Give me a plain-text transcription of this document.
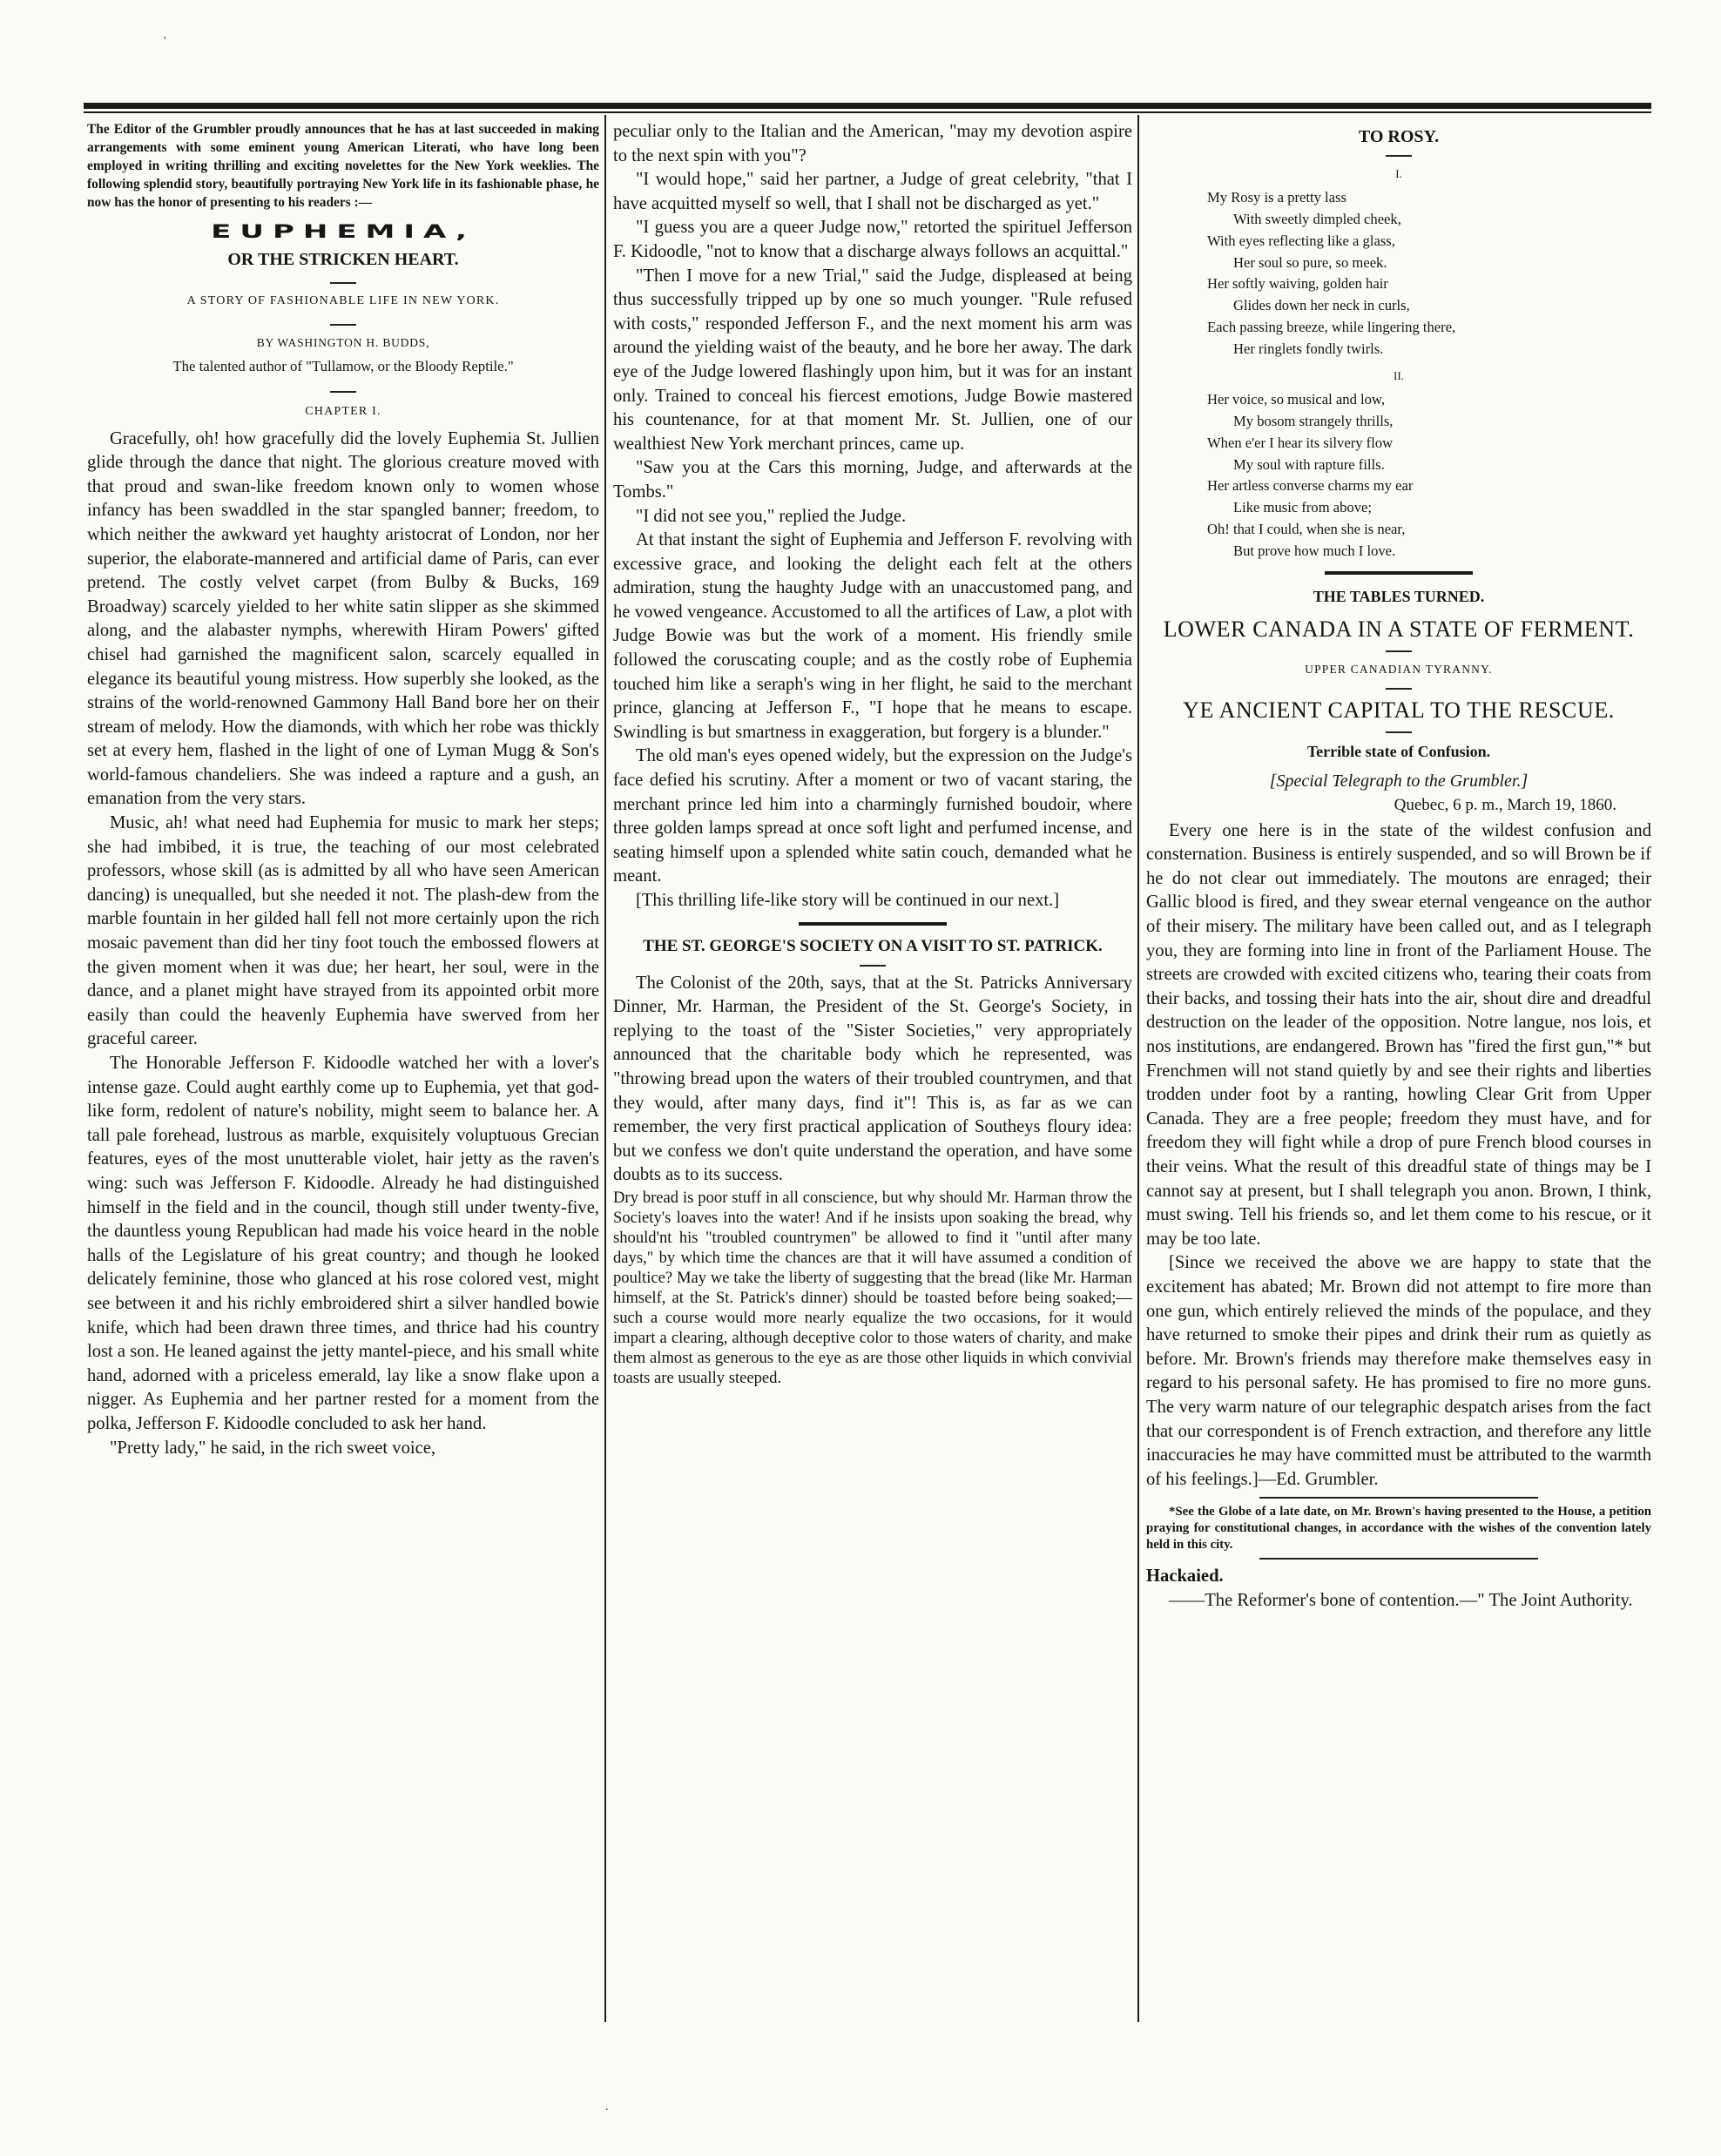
'
.

The Editor of the Grumbler proudly announces that he has at last succeeded in making arrangements with some eminent young American Literati, who have long been employed in writing thrilling and exciting novelettes for the New York weeklies. The following splendid story, beautifully portraying New York life in its fashionable phase, he now has the honor of presenting to his readers :—

EUPHEMIA,
OR THE STRICKEN HEART.
A STORY OF FASHIONABLE LIFE IN NEW YORK.
BY WASHINGTON H. BUDDS,
The talented author of "Tullamow, or the Bloody Reptile."
CHAPTER I.

Gracefully, oh! how gracefully did the lovely Euphemia St. Jullien glide through the dance that night. The glorious creature moved with that proud and swan-like freedom known only to women whose infancy has been swaddled in the star spangled banner; freedom, to which neither the awkward yet haughty aristocrat of London, nor her superior, the elaborate-mannered and artificial dame of Paris, can ever pretend. The costly velvet carpet (from Bulby & Bucks, 169 Broadway) scarcely yielded to her white satin slipper as she skimmed along, and the alabaster nymphs, wherewith Hiram Powers' gifted chisel had garnished the magnificent salon, scarcely equalled in elegance its beautiful young mistress. How superbly she looked, as the strains of the world-renowned Gammony Hall Band bore her on their stream of melody. How the diamonds, with which her robe was thickly set at every hem, flashed in the light of one of Lyman Mugg & Son's world-famous chandeliers. She was indeed a rapture and a gush, an emanation from the very stars.

Music, ah! what need had Euphemia for music to mark her steps; she had imbibed, it is true, the teaching of our most celebrated professors, whose skill (as is admitted by all who have seen American dancing) is unequalled, but she needed it not. The plash-dew from the marble fountain in her gilded hall fell not more certainly upon the rich mosaic pavement than did her tiny foot touch the embossed flowers at the given moment when it was due; her heart, her soul, were in the dance, and a planet might have strayed from its appointed orbit more easily than could the heavenly Euphemia have swerved from her graceful career.

The Honorable Jefferson F. Kidoodle watched her with a lover's intense gaze. Could aught earthly come up to Euphemia, yet that god-like form, redolent of nature's nobility, might seem to balance her. A tall pale forehead, lustrous as marble, exquisitely voluptuous Grecian features, eyes of the most unutterable violet, hair jetty as the raven's wing: such was Jefferson F. Kidoodle. Already he had distinguished himself in the field and in the council, though still under twenty-five, the dauntless young Republican had made his voice heard in the noble halls of the Legislature of his great country; and though he looked delicately feminine, those who glanced at his rose colored vest, might see between it and his richly embroidered shirt a silver handled bowie knife, which had been drawn three times, and thrice had his country lost a son. He leaned against the jetty mantel-piece, and his small white hand, adorned with a priceless emerald, lay like a snow flake upon a nigger. As Euphemia and her partner rested for a moment from the polka, Jefferson F. Kidoodle concluded to ask her hand.

"Pretty lady," he said, in the rich sweet voice,

peculiar only to the Italian and the American, "may my devotion aspire to the next spin with you"?

"I would hope," said her partner, a Judge of great celebrity, "that I have acquitted myself so well, that I shall not be discharged as yet."

"I guess you are a queer Judge now," retorted the spirituel Jefferson F. Kidoodle, "not to know that a discharge always follows an acquittal."

"Then I move for a new Trial," said the Judge, displeased at being thus successfully tripped up by one so much younger. "Rule refused with costs," responded Jefferson F., and the next moment his arm was around the yielding waist of the beauty, and he bore her away. The dark eye of the Judge lowered flashingly upon him, but it was for an instant only. Trained to conceal his fiercest emotions, Judge Bowie mastered his countenance, for at that moment Mr. St. Jullien, one of our wealthiest New York merchant princes, came up.

"Saw you at the Cars this morning, Judge, and afterwards at the Tombs."

"I did not see you," replied the Judge.

At that instant the sight of Euphemia and Jefferson F. revolving with excessive grace, and looking the delight each felt at the others admiration, stung the haughty Judge with an unaccustomed pang, and he vowed vengeance. Accustomed to all the artifices of Law, a plot with Judge Bowie was but the work of a moment. His friendly smile followed the coruscating couple; and as the costly robe of Euphemia touched him like a seraph's wing in her flight, he said to the merchant prince, glancing at Jefferson F., "I hope that he means to escape. Swindling is but smartness in exaggeration, but forgery is a blunder."

The old man's eyes opened widely, but the expression on the Judge's face defied his scrutiny. After a moment or two of vacant staring, the merchant prince led him into a charmingly furnished boudoir, where three golden lamps spread at once soft light and perfumed incense, and seating himself upon a splended white satin couch, demanded what he meant.

[This thrilling life-like story will be continued in our next.]

THE ST. GEORGE'S SOCIETY ON A VISIT TO ST. PATRICK.

The Colonist of the 20th, says, that at the St. Patricks Anniversary Dinner, Mr. Harman, the President of the St. George's Society, in replying to the toast of the "Sister Societies," very appropriately announced that the charitable body which he represented, was "throwing bread upon the waters of their troubled countrymen, and that they would, after many days, find it"! This is, as far as we can remember, the very first practical application of Southeys floury idea: but we confess we don't quite understand the operation, and have some doubts as to its success.

Dry bread is poor stuff in all conscience, but why should Mr. Harman throw the Society's loaves into the water! And if he insists upon soaking the bread, why should'nt his "troubled countrymen" be allowed to find it "until after many days," by which time the chances are that it will have assumed a condition of poultice? May we take the liberty of suggesting that the bread (like Mr. Harman himself, at the St. Patrick's dinner) should be toasted before being soaked;—such a course would more nearly equalize the two occasions, for it would impart a clearing, although deceptive color to those waters of charity, and make them almost as generous to the eye as are those other liquids in which convivial toasts are usually steeped.

TO ROSY.
I.
My Rosy is a pretty lass
With sweetly dimpled cheek,
With eyes reflecting like a glass,
Her soul so pure, so meek.
Her softly waiving, golden hair
Glides down her neck in curls,
Each passing breeze, while lingering there,
Her ringlets fondly twirls.
II.
Her voice, so musical and low,
My bosom strangely thrills,
When e'er I hear its silvery flow
My soul with rapture fills.
Her artless converse charms my ear
Like music from above;
Oh! that I could, when she is near,
But prove how much I love.
THE TABLES TURNED.
LOWER CANADA IN A STATE OF FERMENT.
UPPER CANADIAN TYRANNY.
YE ANCIENT CAPITAL TO THE RESCUE.
Terrible state of Confusion.
[Special Telegraph to the Grumbler.]
Quebec, 6 p. m., March 19, 1860.

Every one here is in the state of the wildest confusion and consternation. Business is entirely suspended, and so will Brown be if he do not clear out immediately. The moutons are enraged; their Gallic blood is fired, and they swear eternal vengeance on the author of their misery. The military have been called out, and as I telegraph you, they are forming into line in front of the Parliament House. The streets are crowded with excited citizens who, tearing their coats from their backs, and tossing their hats into the air, shout dire and dreadful destruction on the leader of the opposition. Notre langue, nos lois, et nos institutions, are endangered. Brown has "fired the first gun,"* but Frenchmen will not stand quietly by and see their rights and liberties trodden under foot by a ranting, howling Clear Grit from Upper Canada. They are a free people; freedom they must have, and for freedom they will fight while a drop of pure French blood courses in their veins. What the result of this dreadful state of things may be I cannot say at present, but I shall telegraph you anon. Brown, I think, must swing. Tell his friends so, and let them come to his rescue, or it may be too late.

[Since we received the above we are happy to state that the excitement has abated; Mr. Brown did not attempt to fire more than one gun, which entirely relieved the minds of the populace, and they have returned to smoke their pipes and drink their rum as quietly as before. Mr. Brown's friends may therefore make themselves easy in regard to his personal safety. He has promised to fire no more guns. The very warm nature of our telegraphic despatch arises from the fact that our correspondent is of French extraction, and therefore any little inaccuracies he may have committed must be attributed to the warmth of his feelings.]—Ed. Grumbler.

*See the Globe of a late date, on Mr. Brown's having presented to the House, a petition praying for constitutional changes, in accordance with the wishes of the convention lately held in this city.

Hackaied.

——The Reformer's bone of contention.—" The Joint Authority.
